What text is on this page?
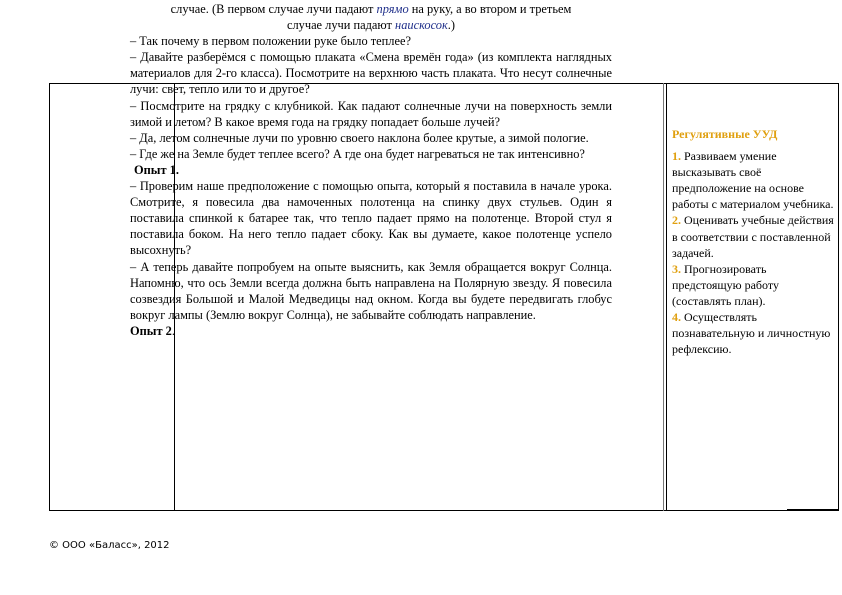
случае. (В первом случае лучи падают прямо на руку, а во втором и третьем
случае лучи падают наискосок.)

– Так почему в первом положении руке было теплее?

– Давайте разберёмся с помощью плаката «Смена времён года» (из комплекта наглядных материалов для 2-го класса). Посмотрите на верхнюю часть плаката. Что несут солнечные лучи: свет, тепло или то и другое?

– Посмотрите на грядку с клубникой. Как падают солнечные лучи на поверхность земли зимой и летом? В какое время года на грядку попадает больше лучей?

– Да, летом солнечные лучи по уровню своего наклона более крутые, а зимой пологие.

– Где же на Земле будет теплее всего? А где она будет нагреваться не так интенсивно?

Опыт 1.

– Проверим наше предположение с помощью опыта, который я поставила в начале урока. Смотрите, я повесила два намоченных полотенца на спинку двух стульев. Один я поставила спинкой к батарее так, что тепло падает прямо на полотенце. Второй стул я поставила боком. На него тепло падает сбоку. Как вы думаете, какое полотенце успело высохнуть?

– А теперь давайте попробуем на опыте выяснить, как Земля обращается вокруг Солнца. Напомню, что ось Земли всегда должна быть направлена на Полярную звезду. Я повесила созвездия Большой и Малой Медведицы над окном. Когда вы будете передвигать глобус вокруг лампы (Землю вокруг Солнца), не забывайте соблюдать направление.

Опыт 2.

Регулятивные УУД

1. Развиваем умение высказывать своё предположение на основе работы с материалом учебника.

2. Оценивать учебные действия в соответствии с поставленной задачей.

3. Прогнозировать предстоящую работу (составлять план).

4. Осуществлять познавательную и личностную рефлексию.

© ООО «Баласс», 2012
